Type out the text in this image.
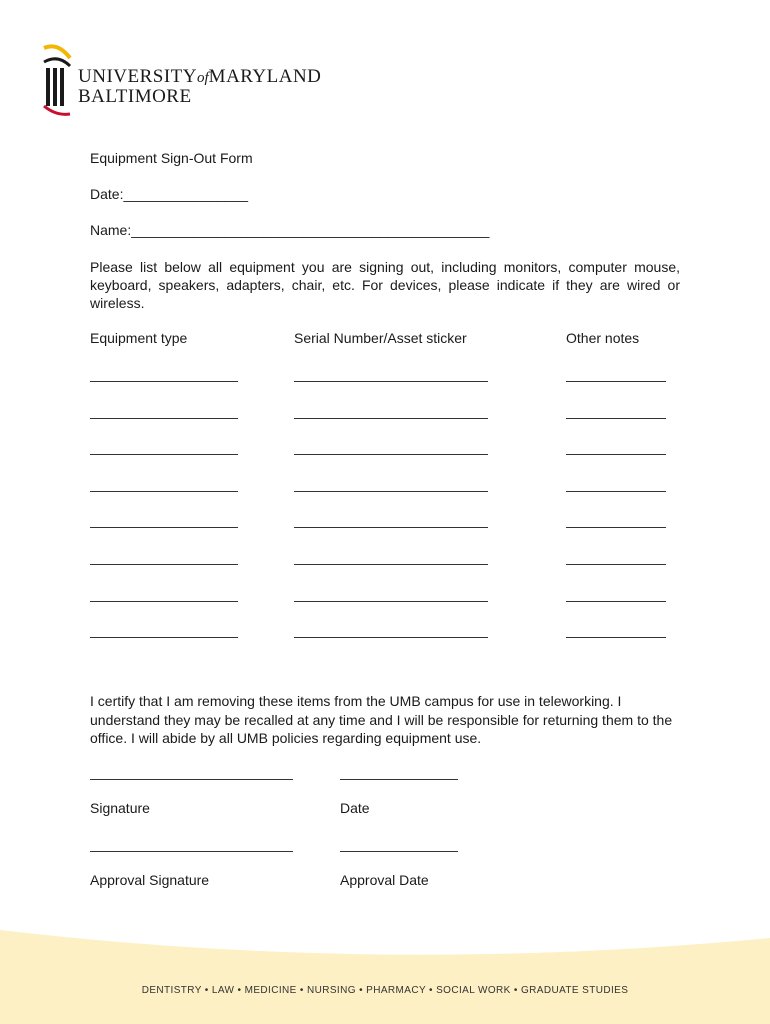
UNIVERSITYofMARYLAND
BALTIMORE
Equipment Sign-Out Form
Date:________________
Name:______________________________________________
Please list below all equipment you are signing out, including monitors, computer mouse, keyboard, speakers, adapters, chair, etc. For devices, please indicate if they are wired or wireless.
Equipment type	Serial Number/Asset sticker	Other notes
I certify that I am removing these items from the UMB campus for use in teleworking. I understand they may be recalled at any time and I will be responsible for returning them to the office. I will abide by all UMB policies regarding equipment use.
Signature	Date
Approval Signature	Approval Date
DENTISTRY • LAW • MEDICINE • NURSING • PHARMACY • SOCIAL WORK • GRADUATE STUDIES
